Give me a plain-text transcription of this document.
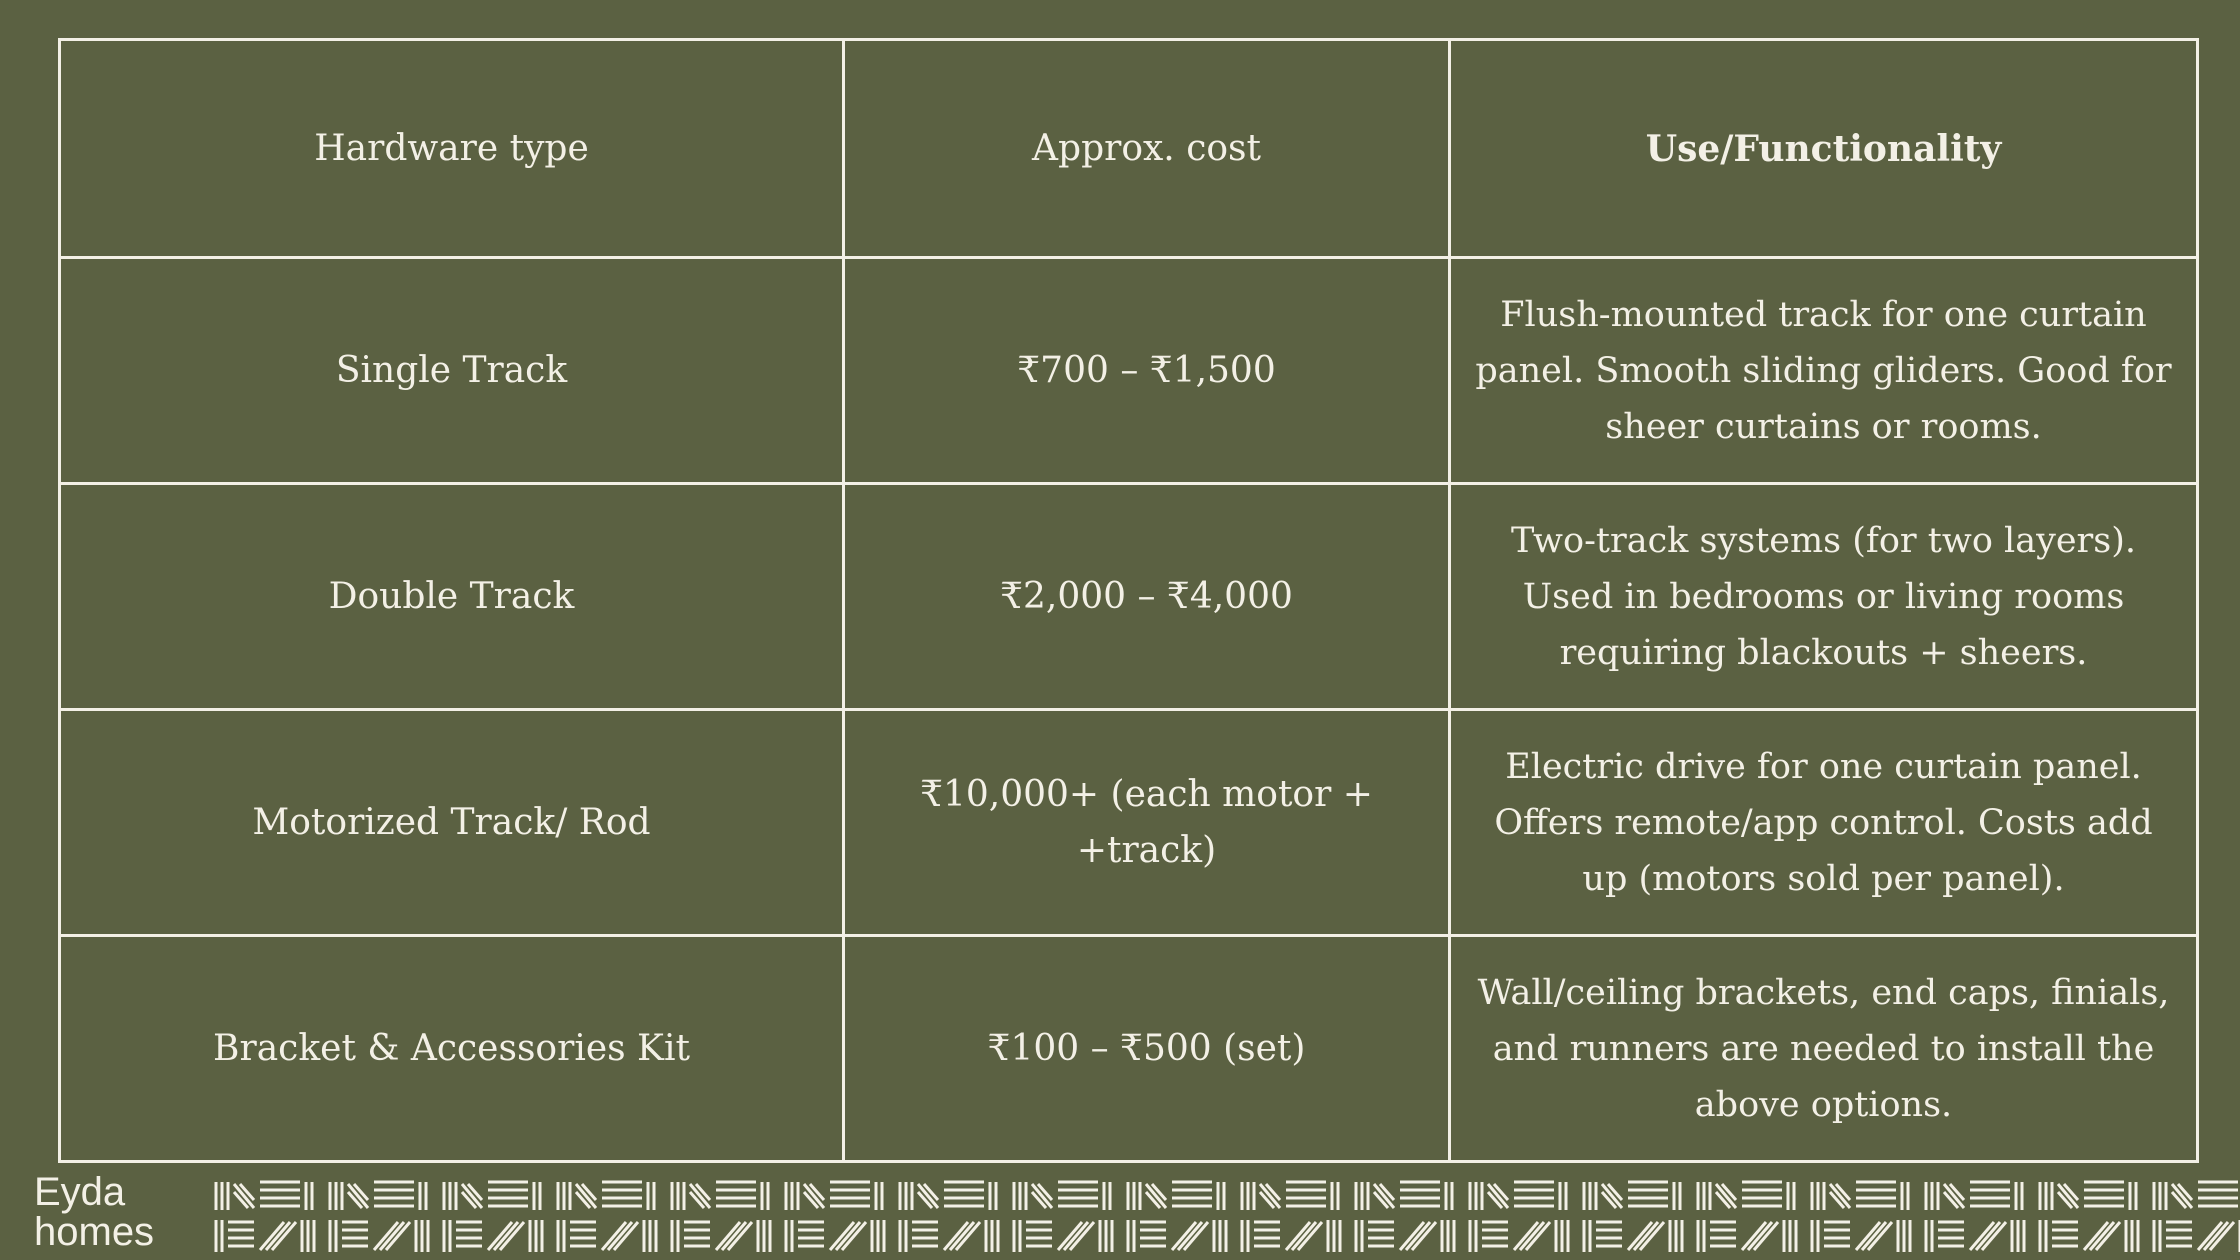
Hardware type	Approx. cost	Use/Functionality
Single Track	₹700 – ₹1,500	Flush-mounted track for one curtain panel. Smooth sliding gliders. Good for sheer curtains or rooms.
Double Track	₹2,000 – ₹4,000	Two-track systems (for two layers). Used in bedrooms or living rooms requiring blackouts + sheers.
Motorized Track/ Rod	₹10,000+ (each motor + +track)	Electric drive for one curtain panel. Offers remote/app control. Costs add up (motors sold per panel).
Bracket & Accessories Kit	₹100 – ₹500 (set)	Wall/ceiling brackets, end caps, finials, and runners are needed to install the above options.
Eyda
homes
